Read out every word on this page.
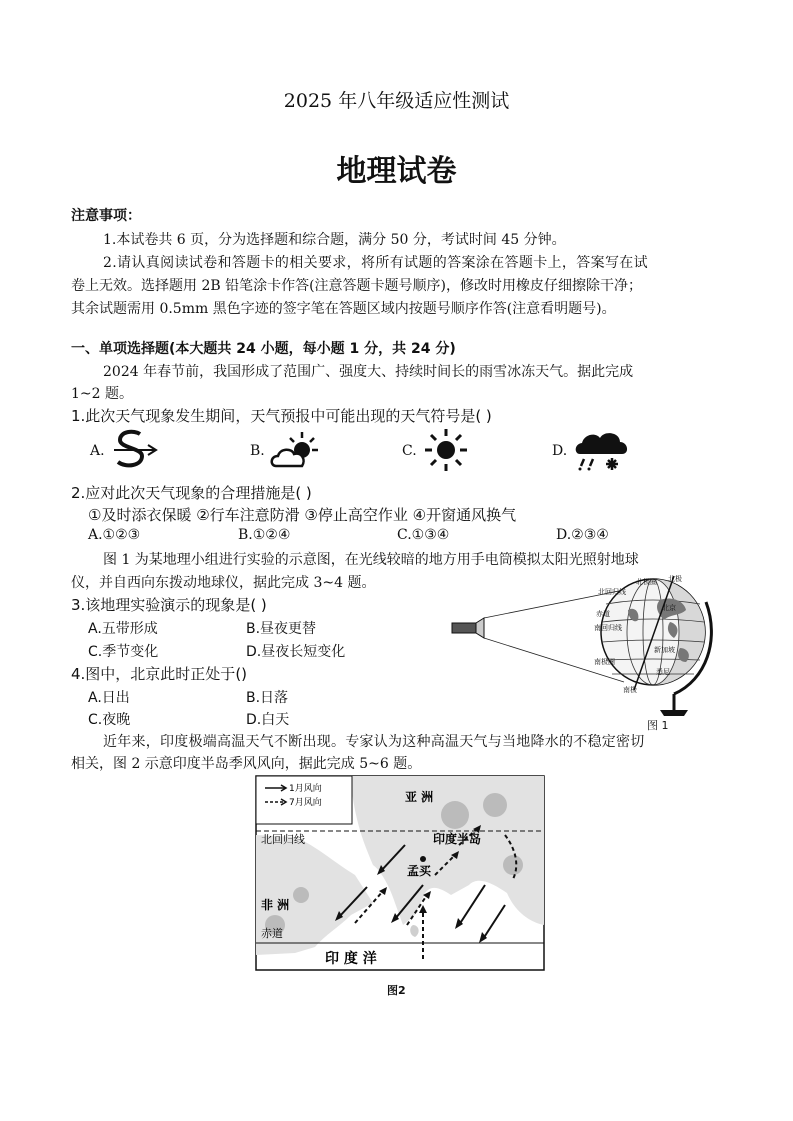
2025 年八年级适应性测试
地理试卷
注意事项：
1.本试卷共 6 页，分为选择题和综合题，满分 50 分，考试时间 45 分钟。
2.请认真阅读试卷和答题卡的相关要求，将所有试题的答案涂在答题卡上，答案写在试
卷上无效。选择题用 2B 铅笔涂卡作答(注意答题卡题号顺序)，修改时用橡皮仔细擦除干净；
其余试题需用 0.5mm 黑色字迹的签字笔在答题区域内按题号顺序作答(注意看明题号)。
一、单项选择题(本大题共 24 小题，每小题 1 分，共 24 分)
2024 年春节前，我国形成了范围广、强度大、持续时间长的雨雪冰冻天气。据此完成
1~2 题。
1.此次天气现象发生期间，天气预报中可能出现的天气符号是( )
A.	B.	C.	D.
2.应对此次天气现象的合理措施是( )
①及时添衣保暖 ②行车注意防滑 ③停止高空作业 ④开窗通风换气
A.①②③	B.①②④	C.①③④	D.②③④
图 1 为某地理小组进行实验的示意图，在光线较暗的地方用手电筒模拟太阳光照射地球
仪，并自西向东拨动地球仪，据此完成 3~4 题。
3.该地理实验演示的现象是( )
A.五带形成	B.昼夜更替
C.季节变化	D.昼夜长短变化
4.图中，北京此时正处于()
A.日出	B.日落
C.夜晚	D.白天
北极
北极圈
北回归线
赤道
南回归线
南极圈
南极
北京
新加坡
悉尼
图 1
近年来，印度极端高温天气不断出现。专家认为这种高温天气与当地降水的不稳定密切
相关，图 2 示意印度半岛季风风向，据此完成 5~6 题。
1月风向
7月风向	亚 洲
北回归线	印度半岛
孟买
非 洲
赤道
印 度 洋
图2
